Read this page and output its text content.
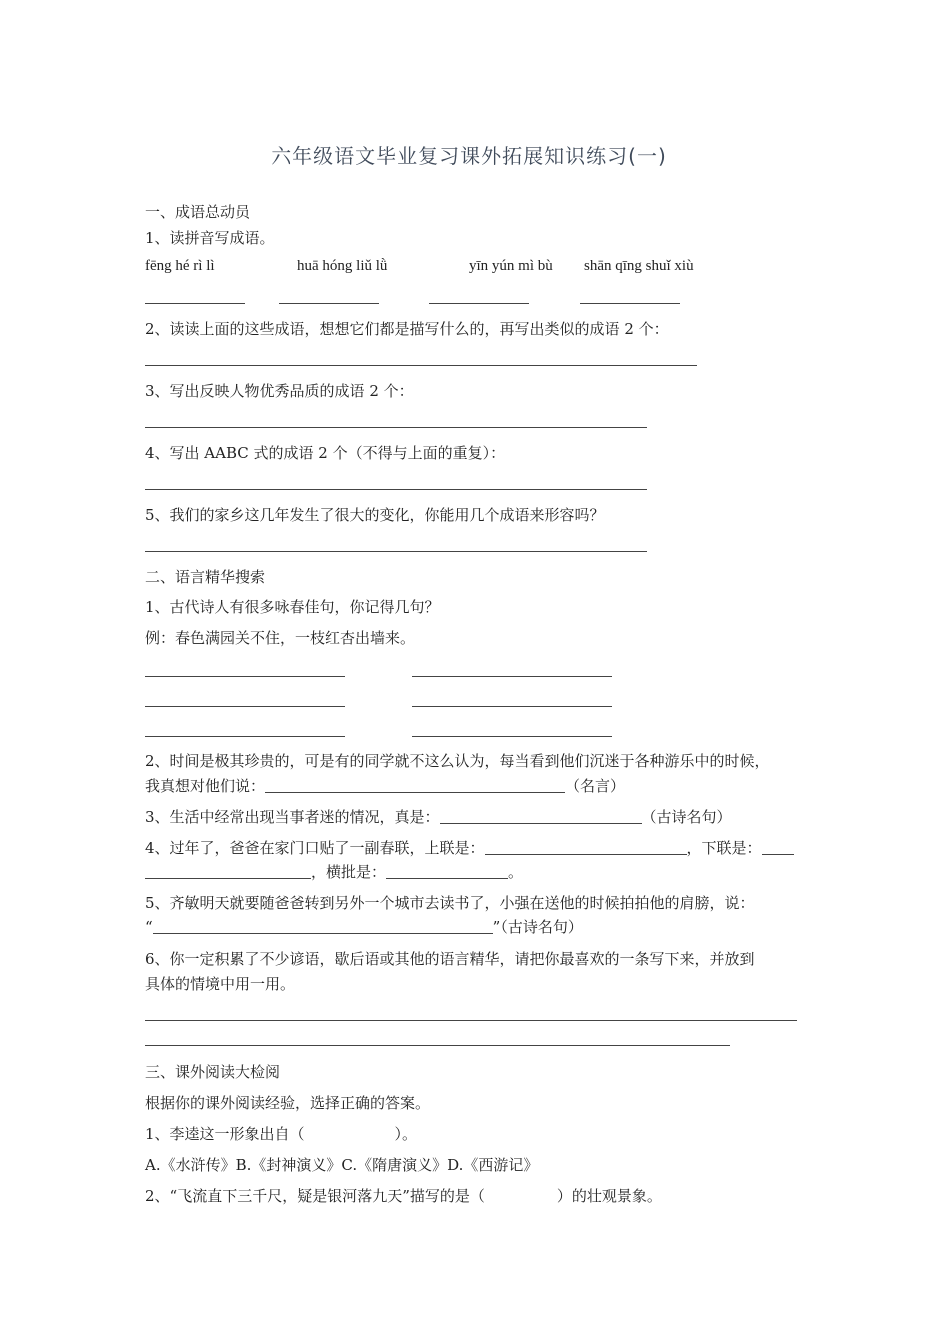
六年级语文毕业复习课外拓展知识练习(一)
一、成语总动员
1、读拼音写成语。
fēng hé rì lì	huā hóng liǔ lǜ	yīn yún mì bù shān qīng shuǐ xiù
2、读读上面的这些成语，想想它们都是描写什么的，再写出类似的成语 2 个：
3、写出反映人物优秀品质的成语 2 个：
4、写出 AABC 式的成语 2 个（不得与上面的重复）：
5、我们的家乡这几年发生了很大的变化，你能用几个成语来形容吗？
二、语言精华搜索
1、古代诗人有很多咏春佳句，你记得几句？
例：春色满园关不住，一枝红杏出墙来。
2、时间是极其珍贵的，可是有的同学就不这么认为，每当看到他们沉迷于各种游乐中的时候，
我真想对他们说：	（名言）
3、生活中经常出现当事者迷的情况，真是：	（古诗名句）
4、过年了，爸爸在家门口贴了一副春联，上联是：	，下联是：
，横批是：	。
5、齐敏明天就要随爸爸转到另外一个城市去读书了，小强在送他的时候拍拍他的肩膀，说：
“	”（古诗名句）
6、你一定积累了不少谚语，歇后语或其他的语言精华，请把你最喜欢的一条写下来，并放到
具体的情境中用一用。
三、课外阅读大检阅
根据你的课外阅读经验，选择正确的答案。
1、李逵这一形象出自（	）。
A.《水浒传》B.《封神演义》C.《隋唐演义》D.《西游记》
2、“飞流直下三千尺，疑是银河落九天”描写的是（	）的壮观景象。
